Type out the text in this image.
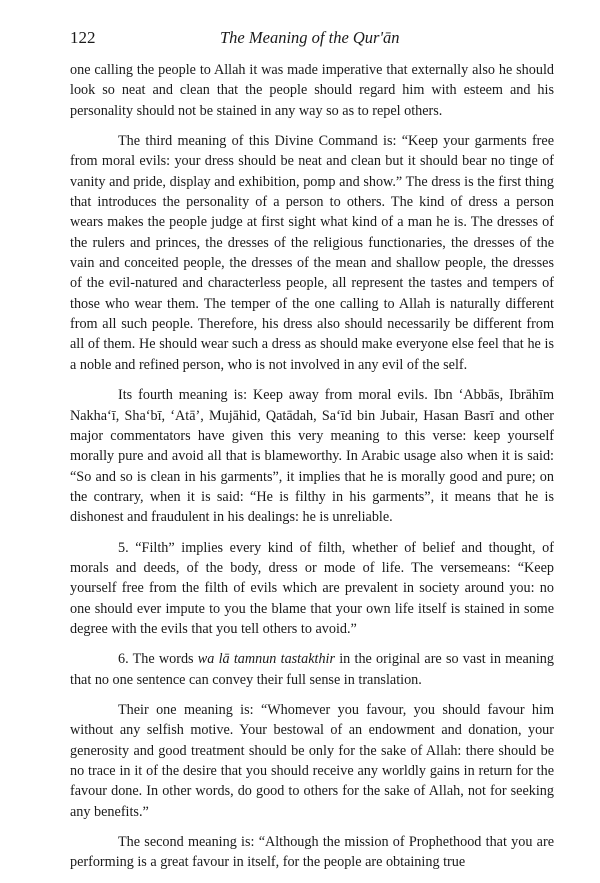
122	The Meaning of the Qur'ān

one calling the people to Allah it was made imperative that externally also he should look so neat and clean that the people should regard him with esteem and his personality should not be stained in any way so as to repel others.

The third meaning of this Divine Command is: “Keep your garments free from moral evils: your dress should be neat and clean but it should bear no tinge of vanity and pride, display and exhibition, pomp and show.” The dress is the first thing that introduces the personality of a person to others. The kind of dress a person wears makes the people judge at first sight what kind of a man he is. The dresses of the rulers and princes, the dresses of the religious functionaries, the dresses of the vain and conceited people, the dresses of the mean and shallow people, the dresses of the evil-natured and characterless people, all represent the tastes and tempers of those who wear them. The temper of the one calling to Allah is naturally different from all such people. Therefore, his dress also should necessarily be different from all of them. He should wear such a dress as should make everyone else feel that he is a noble and refined person, who is not involved in any evil of the self.

Its fourth meaning is: Keep away from moral evils. Ibn ‘Abbās, Ibrāhīm Nakha‘ī, Sha‘bī, ‘Atā’, Mujāhid, Qatādah, Sa‘īd bin Jubair, Hasan Basrī and other major commentators have given this very meaning to this verse: keep yourself morally pure and avoid all that is blameworthy. In Arabic usage also when it is said: “So and so is clean in his garments”, it implies that he is morally good and pure; on the contrary, when it is said: “He is filthy in his garments”, it means that he is dishonest and fraudulent in his dealings: he is unreliable.

5. “Filth” implies every kind of filth, whether of belief and thought, of morals and deeds, of the body, dress or mode of life. The versemeans: “Keep yourself free from the filth of evils which are prevalent in society around you: no one should ever impute to you the blame that your own life itself is stained in some degree with the evils that you tell others to avoid.”

6. The words wa lā tamnun tastakthir in the original are so vast in meaning that no one sentence can convey their full sense in translation.

Their one meaning is: “Whomever you favour, you should favour him without any selfish motive. Your bestowal of an endowment and donation, your generosity and good treatment should be only for the sake of Allah: there should be no trace in it of the desire that you should receive any worldly gains in return for the favour done. In other words, do good to others for the sake of Allah, not for seeking any benefits.”

The second meaning is: “Although the mission of Prophethood that you are performing is a great favour in itself, for the people are obtaining true
